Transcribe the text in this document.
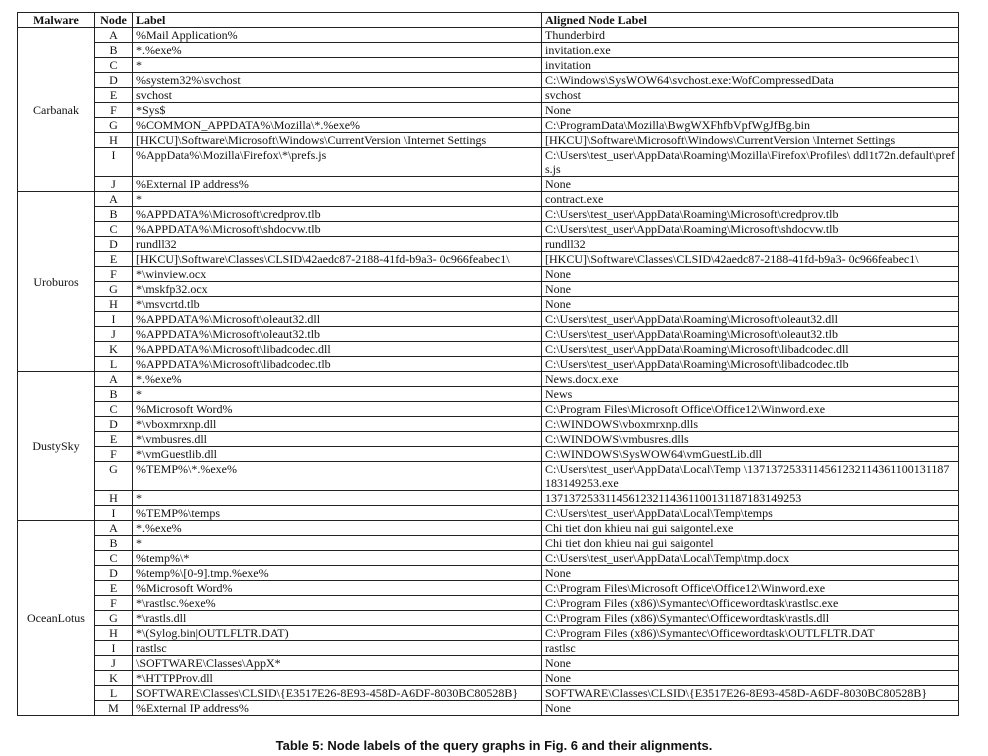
Malware	Node	Label	Aligned Node Label
Carbanak	A	%Mail Application%	Thunderbird
	B	*.%exe%	invitation.exe
	C	*	invitation
	D	%system32%\svchost	C:\Windows\SysWOW64\svchost.exe:WofCompressedData
	E	svchost	svchost
	F	*Sys$	None
	G	%COMMON_APPDATA%\Mozilla\*.%exe%	C:\ProgramData\Mozilla\BwgWXFhfbVpfWgJfBg.bin
	H	[HKCU]\Software\Microsoft\Windows\CurrentVersion \Internet Settings	[HKCU]\Software\Microsoft\Windows\CurrentVersion \Internet Settings
	I	%AppData%\Mozilla\Firefox\*\prefs.js	C:\Users\test_user\AppData\Roaming\Mozilla\Firefox\Profiles\ ddl1t72n.default\prefs.js
	J	%External IP address%	None
Uroburos	A	*	contract.exe
	B	%APPDATA%\Microsoft\credprov.tlb	C:\Users\test_user\AppData\Roaming\Microsoft\credprov.tlb
	C	%APPDATA%\Microsoft\shdocvw.tlb	C:\Users\test_user\AppData\Roaming\Microsoft\shdocvw.tlb
	D	rundll32	rundll32
	E	[HKCU]\Software\Classes\CLSID\42aedc87-2188-41fd-b9a3- 0c966feabec1\	[HKCU]\Software\Classes\CLSID\42aedc87-2188-41fd-b9a3- 0c966feabec1\
	F	*\winview.ocx	None
	G	*\mskfp32.ocx	None
	H	*\msvcrtd.tlb	None
	I	%APPDATA%\Microsoft\oleaut32.dll	C:\Users\test_user\AppData\Roaming\Microsoft\oleaut32.dll
	J	%APPDATA%\Microsoft\oleaut32.tlb	C:\Users\test_user\AppData\Roaming\Microsoft\oleaut32.tlb
	K	%APPDATA%\Microsoft\libadcodec.dll	C:\Users\test_user\AppData\Roaming\Microsoft\libadcodec.dll
	L	%APPDATA%\Microsoft\libadcodec.tlb	C:\Users\test_user\AppData\Roaming\Microsoft\libadcodec.tlb
DustySky	A	*.%exe%	News.docx.exe
	B	*	News
	C	%Microsoft Word%	C:\Program Files\Microsoft Office\Office12\Winword.exe
	D	*\vboxmrxnp.dll	C:\WINDOWS\vboxmrxnp.dlls
	E	*\vmbusres.dll	C:\WINDOWS\vmbusres.dlls
	F	*\vmGuestlib.dll	C:\WINDOWS\SysWOW64\vmGuestLib.dll
	G	%TEMP%\*.%exe%	C:\Users\test_user\AppData\Local\Temp \1371372533114561232114361100131187183149253.exe
	H	*	1371372533114561232114361100131187183149253
	I	%TEMP%\temps	C:\Users\test_user\AppData\Local\Temp\temps
OceanLotus	A	*.%exe%	Chi tiet don khieu nai gui saigontel.exe
	B	*	Chi tiet don khieu nai gui saigontel
	C	%temp%\*	C:\Users\test_user\AppData\Local\Temp\tmp.docx
	D	%temp%\[0-9].tmp.%exe%	None
	E	%Microsoft Word%	C:\Program Files\Microsoft Office\Office12\Winword.exe
	F	*\rastlsc.%exe%	C:\Program Files (x86)\Symantec\Officewordtask\rastlsc.exe
	G	*\rastls.dll	C:\Program Files (x86)\Symantec\Officewordtask\rastls.dll
	H	*\(Sylog.bin|OUTLFLTR.DAT)	C:\Program Files (x86)\Symantec\Officewordtask\OUTLFLTR.DAT
	I	rastlsc	rastlsc
	J	\SOFTWARE\Classes\AppX*	None
	K	*\HTTPProv.dll	None
	L	SOFTWARE\Classes\CLSID\{E3517E26-8E93-458D-A6DF-8030BC80528B}	SOFTWARE\Classes\CLSID\{E3517E26-8E93-458D-A6DF-8030BC80528B}
	M	%External IP address%	None
Table 5: Node labels of the query graphs in Fig. 6 and their alignments.
